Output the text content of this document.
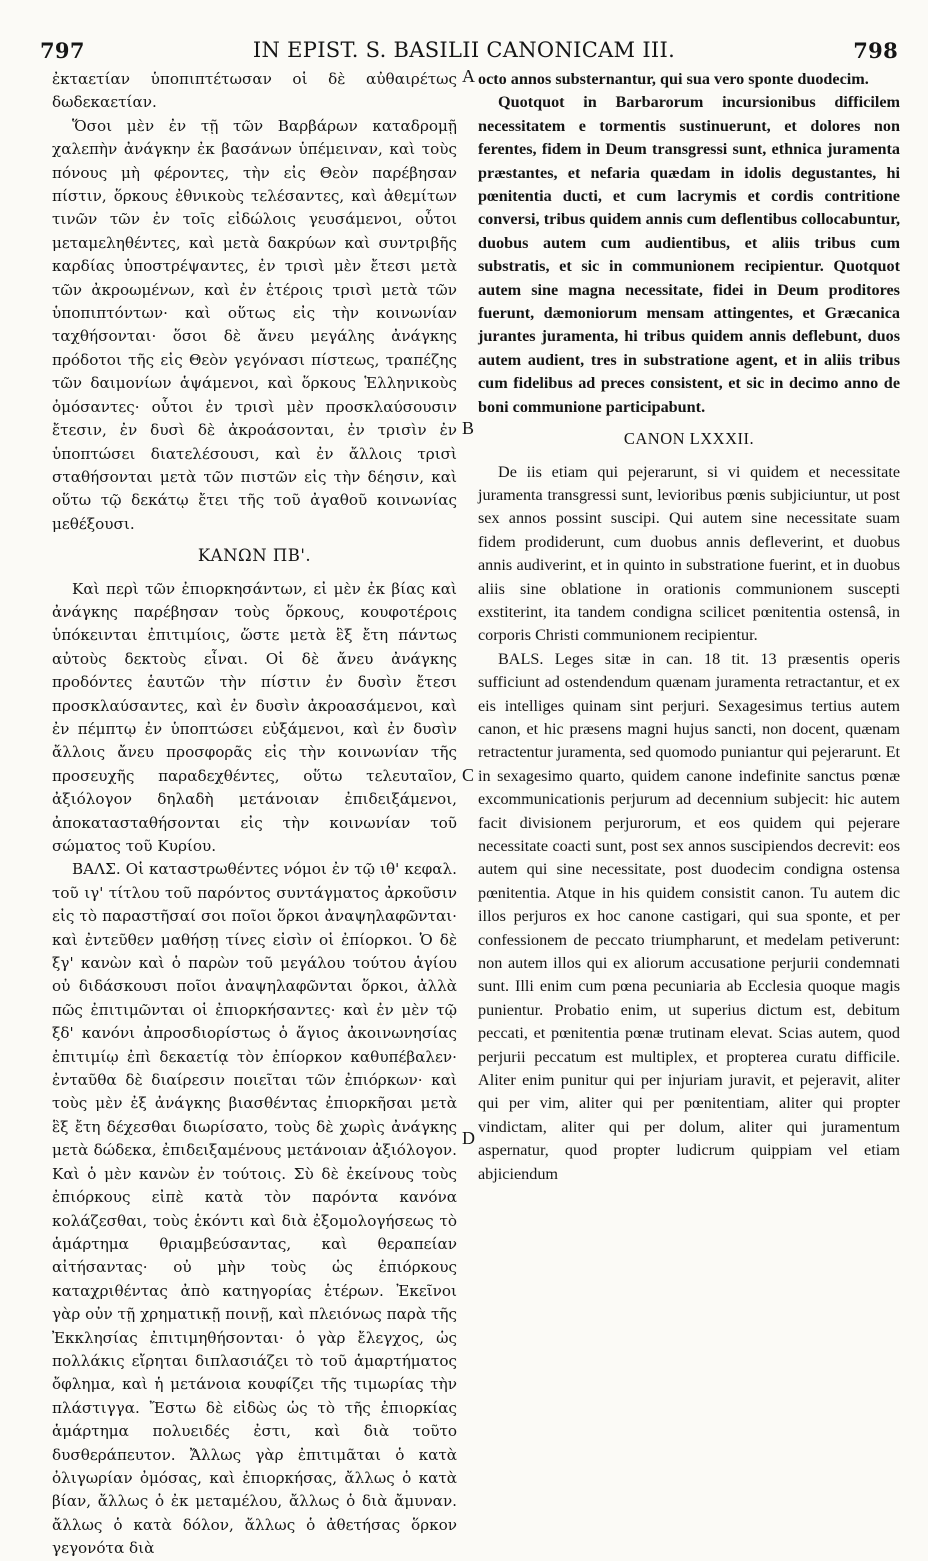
797	IN EPIST. S. BASILII CANONICAM III.	798

ἐκταετίαν ὑποπιπτέτωσαν οἱ δὲ αὐθαιρέτως δωδεκαετίαν.

Ὅσοι μὲν ἐν τῇ τῶν Βαρβάρων καταδρομῇ χαλεπὴν ἀνάγκην ἐκ βασάνων ὑπέμειναν, καὶ τοὺς πόνους μὴ φέροντες, τὴν εἰς Θεὸν παρέβησαν πίστιν, ὅρκους ἐθνικοὺς τελέσαντες, καὶ ἀθεμίτων τινῶν τῶν ἐν τοῖς εἰδώλοις γευσάμενοι, οὗτοι μεταμεληθέντες, καὶ μετὰ δακρύων καὶ συντριβῆς καρδίας ὑποστρέψαντες, ἐν τρισὶ μὲν ἔτεσι μετὰ τῶν ἀκροωμένων, καὶ ἐν ἑτέροις τρισὶ μετὰ τῶν ὑποπιπτόντων· καὶ οὕτως εἰς τὴν κοινωνίαν ταχθήσονται· ὅσοι δὲ ἄνευ μεγάλης ἀνάγκης πρόδοτοι τῆς εἰς Θεὸν γεγόνασι πίστεως, τραπέζης τῶν δαιμονίων ἁψάμενοι, καὶ ὅρκους Ἑλληνικοὺς ὀμόσαντες· οὗτοι ἐν τρισὶ μὲν προσκλαύσουσιν ἔτεσιν, ἐν δυσὶ δὲ ἀκροάσονται, ἐν τρισὶν ἐν ὑποπτώσει διατελέσουσι, καὶ ἐν ἄλλοις τρισὶ σταθήσονται μετὰ τῶν πιστῶν εἰς τὴν δέησιν, καὶ οὕτω τῷ δεκάτῳ ἔτει τῆς τοῦ ἀγαθοῦ κοινωνίας μεθέξουσι.

ΚΑΝΩΝ ΠΒ'.

Καὶ περὶ τῶν ἐπιορκησάντων, εἰ μὲν ἐκ βίας καὶ ἀνάγκης παρέβησαν τοὺς ὅρκους, κουφοτέροις ὑπόκεινται ἐπιτιμίοις, ὥστε μετὰ ἓξ ἔτη πάντως αὐτοὺς δεκτοὺς εἶναι. Οἱ δὲ ἄνευ ἀνάγκης προδόντες ἑαυτῶν τὴν πίστιν ἐν δυσὶν ἔτεσι προσκλαύσαντες, καὶ ἐν δυσὶν ἀκροασάμενοι, καὶ ἐν πέμπτῳ ἐν ὑποπτώσει εὐξάμενοι, καὶ ἐν δυσὶν ἄλλοις ἄνευ προσφορᾶς εἰς τὴν κοινωνίαν τῆς προσευχῆς παραδεχθέντες, οὕτω τελευταῖον, ἀξιόλογον δηλαδὴ μετάνοιαν ἐπιδειξάμενοι, ἀποκατασταθήσονται εἰς τὴν κοινωνίαν τοῦ σώματος τοῦ Κυρίου.

ΒΑΛΣ. Οἱ καταστρωθέντες νόμοι ἐν τῷ ιθ' κεφαλ. τοῦ ιγ' τίτλου τοῦ παρόντος συντάγματος ἀρκοῦσιν εἰς τὸ παραστῆσαί σοι ποῖοι ὅρκοι ἀναψηλαφῶνται· καὶ ἐντεῦθεν μαθήσῃ τίνες εἰσὶν οἱ ἐπίορκοι. Ὁ δὲ ξγ' κανὼν καὶ ὁ παρὼν τοῦ μεγάλου τούτου ἁγίου οὐ διδάσκουσι ποῖοι ἀναψηλαφῶνται ὅρκοι, ἀλλὰ πῶς ἐπιτιμῶνται οἱ ἐπιορκήσαντες· καὶ ἐν μὲν τῷ ξδ' κανόνι ἀπροσδιορίστως ὁ ἅγιος ἀκοινωνησίας ἐπιτιμίῳ ἐπὶ δεκαετίᾳ τὸν ἐπίορκον καθυπέβαλεν· ἐνταῦθα δὲ διαίρεσιν ποιεῖται τῶν ἐπιόρκων· καὶ τοὺς μὲν ἐξ ἀνάγκης βιασθέντας ἐπιορκῆσαι μετὰ ἓξ ἔτη δέχεσθαι διωρίσατο, τοὺς δὲ χωρὶς ἀνάγκης μετὰ δώδεκα, ἐπιδειξαμένους μετάνοιαν ἀξιόλογον. Καὶ ὁ μὲν κανὼν ἐν τούτοις. Σὺ δὲ ἐκείνους τοὺς ἐπιόρκους εἰπὲ κατὰ τὸν παρόντα κανόνα κολάζεσθαι, τοὺς ἑκόντι καὶ διὰ ἐξομολογήσεως τὸ ἁμάρτημα θριαμβεύσαντας, καὶ θεραπείαν αἰτήσαντας· οὐ μὴν τοὺς ὡς ἐπιόρκους καταχριθέντας ἀπὸ κατηγορίας ἑτέρων. Ἐκεῖνοι γὰρ οὐν τῇ χρηματικῇ ποινῇ, καὶ πλειόνως παρὰ τῆς Ἐκκλησίας ἐπιτιμηθήσονται· ὁ γὰρ ἔλεγχος, ὡς πολλάκις εἴρηται διπλασιάζει τὸ τοῦ ἁμαρτήματος ὄφλημα, καὶ ἡ μετάνοια κουφίζει τῆς τιμωρίας τὴν πλάστιγγα. Ἔστω δὲ εἰδὼς ὡς τὸ τῆς ἐπιορκίας ἁμάρτημα πολυειδές ἐστι, καὶ διὰ τοῦτο δυσθεράπευτον. Ἄλλως γὰρ ἐπιτιμᾶται ὁ κατὰ ὀλιγωρίαν ὀμόσας, καὶ ἐπιορκήσας, ἄλλως ὁ κατὰ βίαν, ἄλλως ὁ ἐκ μεταμέλου, ἄλλως ὁ διὰ ἄμυναν. ἄλλως ὁ κατὰ δόλον, ἄλλως ὁ ἀθετήσας ὅρκον γεγονότα διὰ

A
B
C
D

octo annos substernantur, qui sua vero sponte duodecim.

Quotquot in Barbarorum incursionibus difficilem necessitatem e tormentis sustinuerunt, et dolores non ferentes, fidem in Deum transgressi sunt, ethnica juramenta præstantes, et nefaria quædam in idolis degustantes, hi pœnitentia ducti, et cum lacrymis et cordis contritione conversi, tribus quidem annis cum deflentibus collocabuntur, duobus autem cum audientibus, et aliis tribus cum substratis, et sic in communionem recipientur. Quotquot autem sine magna necessitate, fidei in Deum proditores fuerunt, dæmoniorum mensam attingentes, et Græcanica jurantes juramenta, hi tribus quidem annis deflebunt, duos autem audient, tres in substratione agent, et in aliis tribus cum fidelibus ad preces consistent, et sic in decimo anno de boni communione participabunt.

CANON LXXXII.

De iis etiam qui pejerarunt, si vi quidem et necessitate juramenta transgressi sunt, levioribus pœnis subjiciuntur, ut post sex annos possint suscipi. Qui autem sine necessitate suam fidem prodiderunt, cum duobus annis defleverint, et duobus annis audiverint, et in quinto in substratione fuerint, et in duobus aliis sine oblatione in orationis communionem suscepti exstiterint, ita tandem condigna scilicet pœnitentia ostensâ, in corporis Christi communionem recipientur.

BALS. Leges sitæ in can. 18 tit. 13 præsentis operis sufficiunt ad ostendendum quænam juramenta retractantur, et ex eis intelliges quinam sint perjuri. Sexagesimus tertius autem canon, et hic præsens magni hujus sancti, non docent, quænam retractentur juramenta, sed quomodo puniantur qui pejerarunt. Et in sexagesimo quarto, quidem canone indefinite sanctus pœnæ excommunicationis perjurum ad decennium subjecit: hic autem facit divisionem perjurorum, et eos quidem qui pejerare necessitate coacti sunt, post sex annos suscipiendos decrevit: eos autem qui sine necessitate, post duodecim condigna ostensa pœnitentia. Atque in his quidem consistit canon. Tu autem dic illos perjuros ex hoc canone castigari, qui sua sponte, et per confessionem de peccato triumpharunt, et medelam petiverunt: non autem illos qui ex aliorum accusatione perjurii condemnati sunt. Illi enim cum pœna pecuniaria ab Ecclesia quoque magis punientur. Probatio enim, ut superius dictum est, debitum peccati, et pœnitentia pœnæ trutinam elevat. Scias autem, quod perjurii peccatum est multiplex, et propterea curatu difficile. Aliter enim punitur qui per injuriam juravit, et pejeravit, aliter qui per vim, aliter qui per pœnitentiam, aliter qui propter vindictam, aliter qui per dolum, aliter qui juramentum aspernatur, quod propter ludicrum quippiam vel etiam abjiciendum
